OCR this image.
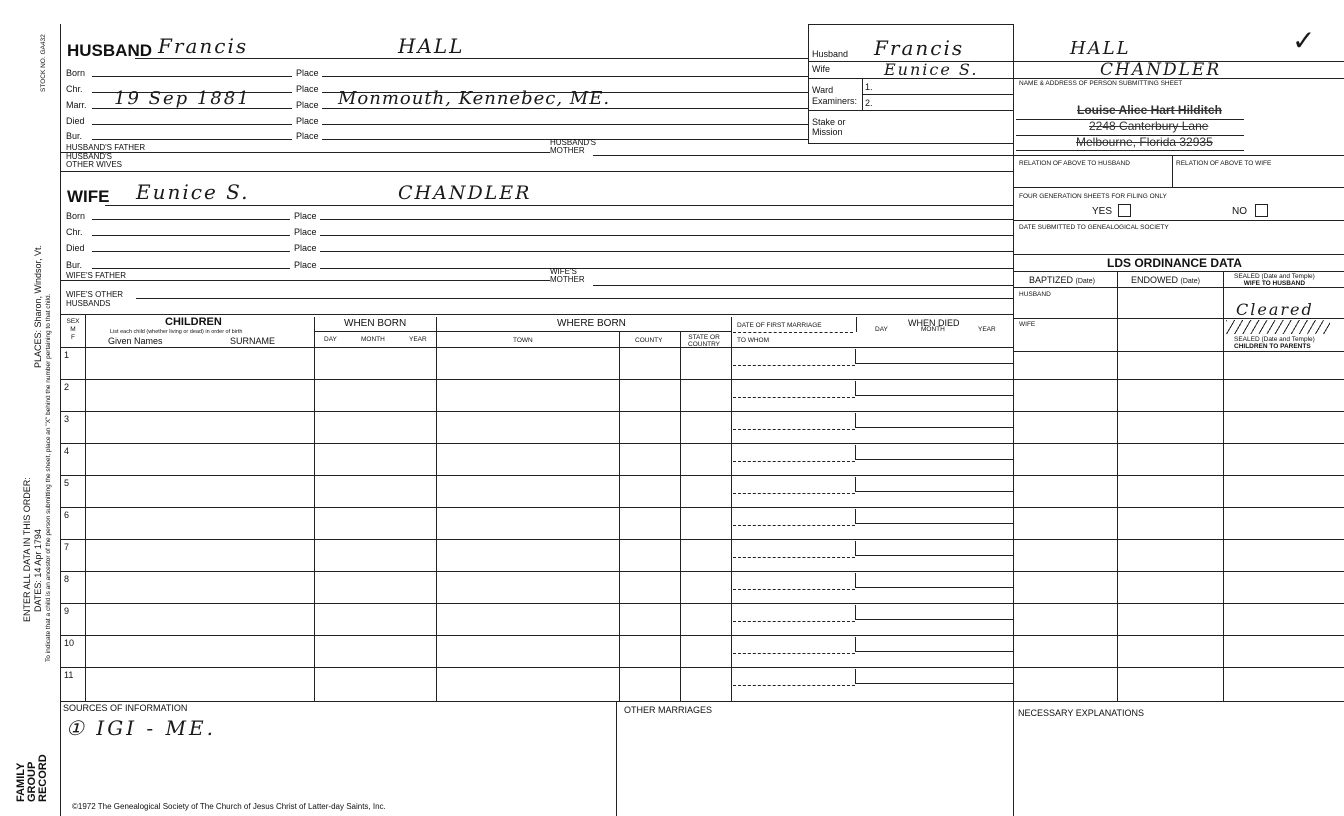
STOCK NO. GA432
FAMILY GROUP RECORD
ENTER ALL DATA IN THIS ORDER: DATES: 14 Apr 1794
PLACES: Sharon, Windsor, Vt. To indicate that a child is an ancestor of the person submitting the sheet, place an "X" behind the number pertaining to that child.
HUSBAND Francis	HALL
Born	Place
Chr.	Place
Marr. 19 Sep 1881	Place Monmouth, Kennebec, ME.
Died	Place
Bur.	Place
HUSBAND'S FATHER
HUSBAND'S
MOTHER
HUSBAND'S
OTHER WIVES
WIFE Eunice S.	CHANDLER
Born	Place
Chr.	Place
Died	Place
Bur.	Place
WIFE'S FATHER	WIFE'S
MOTHER
WIFE'S OTHER
HUSBANDS
Husband Francis	HALL
Wife	Eunice S.	CHANDLER
Ward
Examiners:
1.
2.
Stake or
Mission
NAME & ADDRESS OF PERSON SUBMITTING SHEET
Louise Alice Hart Hilditch
2248 Canterbury Lane
Melbourne, Florida 32935
RELATION OF ABOVE TO HUSBAND	RELATION OF ABOVE TO WIFE
FOUR GENERATION SHEETS FOR FILING ONLY
YES	NO
DATE SUBMITTED TO GENEALOGICAL SOCIETY
✓
LDS ORDINANCE DATA
BAPTIZED (Date)	ENDOWED (Date)
SEALED (Date and Temple)
WIFE TO HUSBAND
HUSBAND
WIFE
Cleared
SEALED (Date and Temple)
CHILDREN TO PARENTS
SEX
M
F
CHILDREN
List each child (whether living or dead) in order of birth
Given Names	SURNAME
WHEN BORN
DAY	MONTH	YEAR
WHERE BORN
TOWN	COUNTY	STATE OR
COUNTRY
DATE OF FIRST MARRIAGE
TO WHOM
WHEN DIED
DAY	MONTH	YEAR
1
2
3
4
5
6
7
8
9
10
11
SOURCES OF INFORMATION
① IGI - ME.
OTHER MARRIAGES	NECESSARY EXPLANATIONS
©1972 The Genealogical Society of The Church of Jesus Christ of Latter-day Saints, Inc.
